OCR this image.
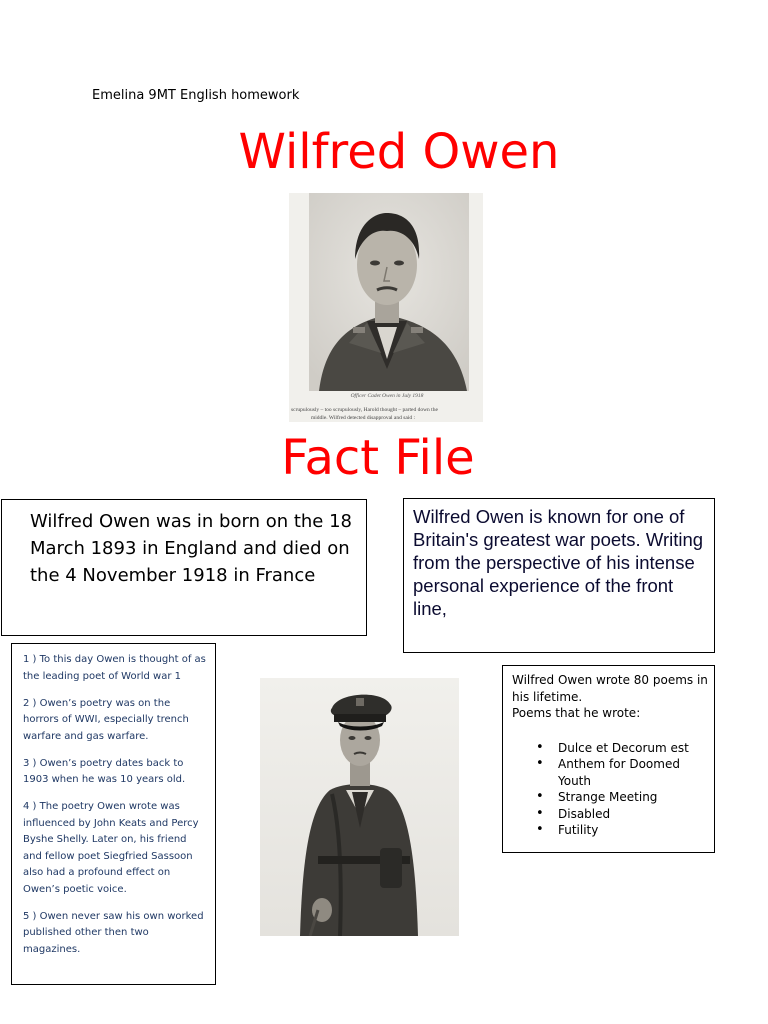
Emelina 9MT English homework
Wilfred Owen
Officer Cadet Owen in July 1918
scrupulously – too scrupulously, Harold thought – parted down the
middle. Wilfred detected disapproval and said :
Fact File
Wilfred Owen was in born on the 18 March 1893 in England and died on the 4 November 1918 in France
Wilfred Owen is known for one of Britain's greatest war poets. Writing from the perspective of his intense personal experience of the front line,

1 ) To this day Owen is thought of as the leading poet of World war 1

2 ) Owen’s poetry was on the horrors of WWI, especially trench warfare and gas warfare.

3 ) Owen’s poetry dates back to 1903 when he was 10 years old.

4 ) The poetry Owen wrote was influenced by John Keats and Percy Byshe Shelly. Later on, his friend and fellow poet Siegfried Sassoon also had a profound effect on Owen’s poetic voice.

5 ) Owen never saw his own worked published other then two magazines.

Wilfred Owen wrote 80 poems in his lifetime.
Poems that he wrote:
• Dulce et Decorum est
• Anthem for Doomed Youth
• Strange Meeting
• Disabled
• Futility
